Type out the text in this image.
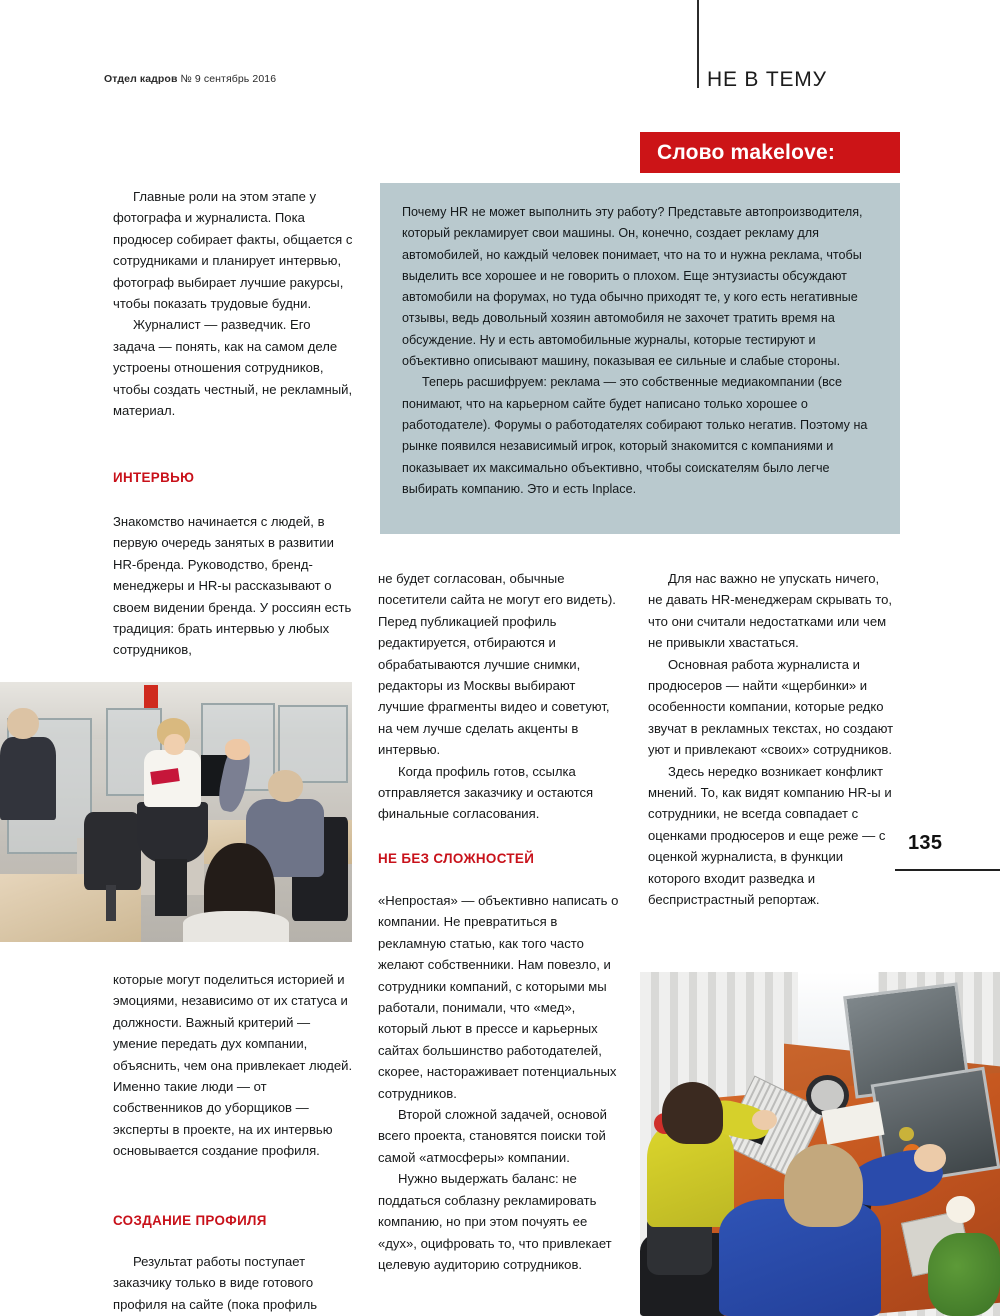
Отдел кадров № 9 сентябрь 2016	НЕ В ТЕМУ
Слово makelove:

Почему HR не может выполнить эту работу? Представьте автопроизводителя, который рекламирует свои машины. Он, конечно, создает рекламу для автомобилей, но каждый человек понимает, что на то и нужна реклама, чтобы выделить все хорошее и не говорить о плохом. Еще энтузиасты обсуждают автомобили на форумах, но туда обычно приходят те, у кого есть негативные отзывы, ведь довольный хозяин автомобиля не захочет тратить время на обсуждение. Ну и есть автомобильные журналы, которые тестируют и объективно описывают машину, показывая ее сильные и слабые стороны.

Теперь расшифруем: реклама — это собственные медиакомпании (все понимают, что на карьерном сайте будет написано только хорошее о работодателе). Форумы о работодателях собирают только негатив. Поэтому на рынке появился независимый игрок, который знакомится с компаниями и показывает их максимально объективно, чтобы соискателям было легче выбирать компанию. Это и есть Inplace.

Главные роли на этом этапе у фотографа и журналиста. Пока продюсер собирает факты, общается с сотрудниками и планирует интервью, фотограф выбирает лучшие ракурсы, чтобы показать трудовые будни.

Журналист — разведчик. Его задача — понять, как на самом деле устроены отношения сотрудников, чтобы создать честный, не рекламный, материал.

ИНТЕРВЬЮ

Знакомство начинается с людей, в первую очередь занятых в развитии HR-бренда. Руководство, бренд-менеджеры и HR-ы рассказывают о своем видении бренда. У россиян есть традиция: брать интервью у любых сотрудников,

которые могут поделиться историей и эмоциями, независимо от их статуса и должности. Важный критерий — умение передать дух компании, объяснить, чем она привлекает людей. Именно такие люди — от собственников до уборщиков — эксперты в проекте, на их интервью основывается создание профиля.

СОЗДАНИЕ ПРОФИЛЯ

Результат работы поступает заказчику только в виде готового профиля на сайте (пока профиль

не будет согласован, обычные посетители сайта не могут его видеть). Перед публикацией профиль редактируется, отбираются и обрабатываются лучшие снимки, редакторы из Москвы выбирают лучшие фрагменты видео и советуют, на чем лучше сделать акценты в интервью.

Когда профиль готов, ссылка отправляется заказчику и остаются финальные согласования.

НЕ БЕЗ СЛОЖНОСТЕЙ

«Непростая» — объективно написать о компании. Не превратиться в рекламную статью, как того часто желают собственники. Нам повезло, и сотрудники компаний, с которыми мы работали, понимали, что «мед», который льют в прессе и карьерных сайтах большинство работодателей, скорее, настораживает потенциальных сотрудников.

Второй сложной задачей, основой всего проекта, становятся поиски той самой «атмосферы» компании.

Нужно выдержать баланс: не поддаться соблазну рекламировать компанию, но при этом почуять ее «дух», оцифровать то, что привлекает целевую аудиторию сотрудников.

Для нас важно не упускать ничего, не давать HR-менеджерам скрывать то, что они считали недостатками или чем не привыкли хвастаться.

Основная работа журналиста и продюсеров — найти «щербинки» и особенности компании, которые редко звучат в рекламных текстах, но создают уют и привлекают «своих» сотрудников.

Здесь нередко возникает конфликт мнений. То, как видят компанию HR-ы и сотрудники, не всегда совпадает с оценками продюсеров и еще реже — с оценкой журналиста, в функции которого входит разведка и беспристрастный репортаж.

135
